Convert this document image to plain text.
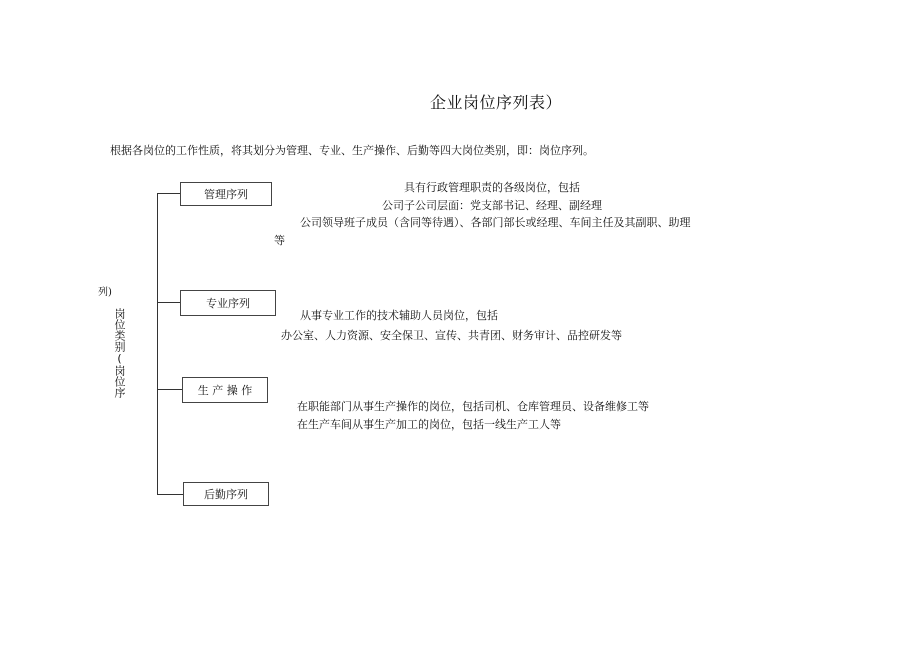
企业岗位序列表）
根据各岗位的工作性质，将其划分为管理、专业、生产操作、后勤等四大岗位类别，即：岗位序列。
列)
岗位类别(岗位序
管理序列
专业序列
生 产 操 作
后勤序列
具有行政管理职责的各级岗位，包括
公司子公司层面：党支部书记、经理、副经理
公司领导班子成员（含同等待遇）、各部门部长或经理、车间主任及其副职、助理
等
从事专业工作的技术辅助人员岗位，包括
办公室、人力资源、安全保卫、宣传、共青团、财务审计、品控研发等
在职能部门从事生产操作的岗位，包括司机、仓库管理员、设备维修工等
在生产车间从事生产加工的岗位，包括一线生产工人等
